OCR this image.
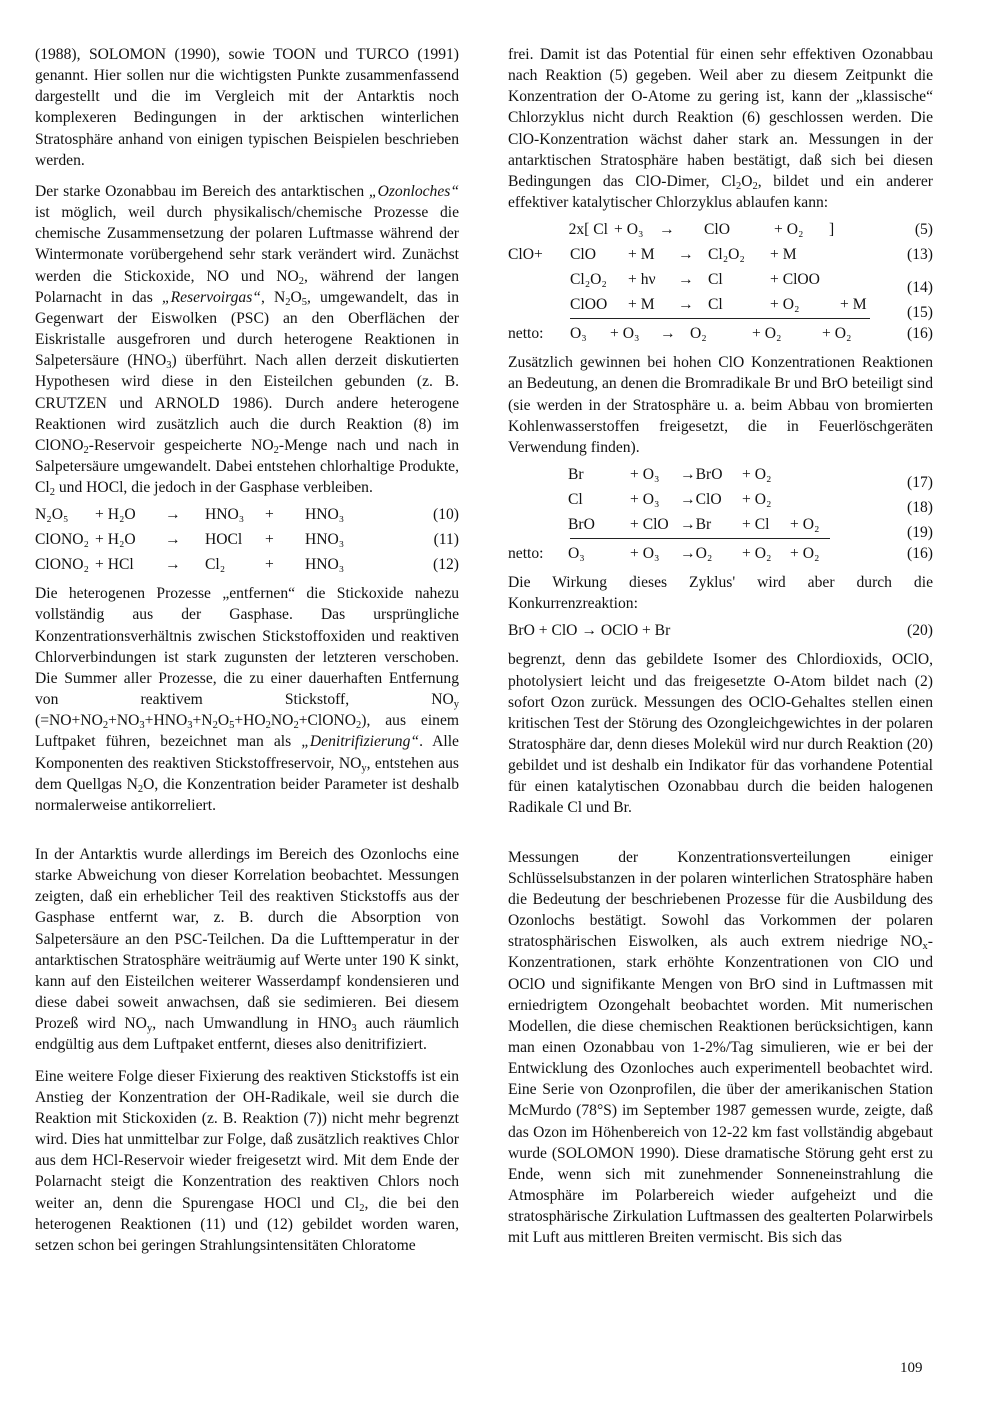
(1988), SOLOMON (1990), sowie TOON und TURCO (1991) genannt. Hier sollen nur die wichtigsten Punkte zusammenfassend dargestellt und die im Vergleich mit der Antarktis noch komplexeren Bedingungen in der arktischen winterlichen Stratosphäre anhand von einigen typischen Beispielen beschrieben werden.

Der starke Ozonabbau im Bereich des antarktischen „Ozonloches“ ist möglich, weil durch physikalisch/chemische Prozesse die chemische Zusammensetzung der polaren Luftmasse während der Wintermonate vorübergehend sehr stark verändert wird. Zunächst werden die Stickoxide, NO und $NO_2$, während der langen Polarnacht in das „Reservoirgas“, $N_2O_5$, umgewandelt, das in Gegenwart der Eiswolken (PSC) an den Oberflächen der Eiskristalle ausgefroren und durch heterogene Reaktionen in Salpetersäure $(HNO_3)$ überführt. Nach allen derzeit diskutierten Hypothesen wird diese in den Eisteilchen gebunden (z. B. CRUTZEN und ARNOLD 1986). Durch andere heterogene Reaktionen wird zusätzlich auch die durch Reaktion (8) im ClONO$_2$-Reservoir gespeicherte $NO_2$-Menge nach und nach in Salpetersäure umgewandelt. Dabei entstehen chlorhaltige Produkte, $Cl_2$ und HOCl, die jedoch in der Gasphase verbleiben.

N₂O₅	+ H₂O	→	HNO₃	+	HNO₃	(10)
ClONO₂ + H₂O	→	HOCl	+	HNO₃	(11)
ClONO₂ + HCl	→	Cl₂	+	HNO₃	(12)

Die heterogenen Prozesse „entfernen“ die Stickoxide nahezu vollständig aus der Gasphase. Das ursprüngliche Konzentrationsverhältnis zwischen Stickstoffoxiden und reaktiven Chlorverbindungen ist stark zugunsten der letzteren verschoben. Die Summer aller Prozesse, die zu einer dauerhaften Entfernung von reaktivem Stickstoff, $NO_y$ $(=NO+NO_2+NO_3+HNO_3+N_2O_5+HO_2NO_2+ClONO_2)$, aus einem Luftpaket führen, bezeichnet man als „Denitrifizierung“. Alle Komponenten des reaktiven Stickstoffreservoir, $NO_y$, entstehen aus dem Quellgas $N_2O$, die Konzentration beider Parameter ist deshalb normalerweise antikorreliert.

In der Antarktis wurde allerdings im Bereich des Ozonlochs eine starke Abweichung von dieser Korrelation beobachtet. Messungen zeigten, daß ein erheblicher Teil des reaktiven Stickstoffs aus der Gasphase entfernt war, z. B. durch die Absorption von Salpetersäure an den PSC-Teilchen. Da die Lufttemperatur in der antarktischen Stratosphäre weiträumig auf Werte unter 190 K sinkt, kann auf den Eisteilchen weiterer Wasserdampf kondensieren und diese dabei soweit anwachsen, daß sie sedimieren. Bei diesem Prozeß wird $NO_y$, nach Umwandlung in $HNO_3$ auch räumlich endgültig aus dem Luftpaket entfernt, dieses also denitrifiziert.

Eine weitere Folge dieser Fixierung des reaktiven Stickstoffs ist ein Anstieg der Konzentration der OH-Radikale, weil sie durch die Reaktion mit Stickoxiden (z. B. Reaktion (7)) nicht mehr begrenzt wird. Dies hat unmittelbar zur Folge, daß zusätzlich reaktives Chlor aus dem HCl-Reservoir wieder freigesetzt wird. Mit dem Ende der Polarnacht steigt die Konzentration des reaktiven Chlors noch weiter an, denn die Spurengase HOCl und $Cl_2$, die bei den heterogenen Reaktionen (11) und (12) gebildet worden waren, setzen schon bei geringen Strahlungsintensitäten Chloratome

frei. Damit ist das Potential für einen sehr effektiven Ozonabbau nach Reaktion (5) gegeben. Weil aber zu diesem Zeitpunkt die Konzentration der O-Atome zu gering ist, kann der „klassische“ Chlorzyklus nicht durch Reaktion (6) geschlossen werden. Die ClO-Konzentration wächst daher stark an. Messungen in der antarktischen Stratosphäre haben bestätigt, daß sich bei diesen Bedingungen das ClO-Dimer, $Cl_2O_2$, bildet und ein anderer effektiver katalytischer Chlorzyklus ablaufen kann:

2x[ Cl + O₃	→	ClO	+ O₂	]	(5)
ClO+	ClO	+ M	→ Cl₂O₂	+ M	(13)
Cl₂O₂	+ hν	→ Cl	+ ClOO	(14)
ClOO	+ M	→ Cl	+ O₂	+ M	(15)
netto:	O₃	+ O₃	→ O₂	+ O₂	+ O₂	(16)

Zusätzlich gewinnen bei hohen ClO Konzentrationen Reaktionen an Bedeutung, an denen die Bromradikale Br und BrO beteiligt sind (sie werden in der Stratosphäre u. a. beim Abbau von bromierten Kohlenwasserstoffen freigesetzt, die in Feuerlöschgeräten Verwendung finden).

Br	+ O₃	→BrO	+ O₂	(17)
Cl	+ O₃	→ClO	+ O₂	(18)
BrO	+ ClO →Br	+ Cl	+ O₂	(19)
netto:	O₃	+ O₃	→O₂	+ O₂	+ O₂	(16)

Die Wirkung dieses Zyklus' wird aber durch die Konkurrenzreaktion:

BrO + ClO → OClO + Br	(20)

begrenzt, denn das gebildete Isomer des Chlordioxids, OClO, photolysiert leicht und das freigesetzte O-Atom bildet nach (2) sofort Ozon zurück. Messungen des OClO-Gehaltes stellen einen kritischen Test der Störung des Ozongleichgewichtes in der polaren Stratosphäre dar, denn dieses Molekül wird nur durch Reaktion (20) gebildet und ist deshalb ein Indikator für das vorhandene Potential für einen katalytischen Ozonabbau durch die beiden halogenen Radikale Cl und Br.

Messungen der Konzentrationsverteilungen einiger Schlüsselsubstanzen in der polaren winterlichen Stratosphäre haben die Bedeutung der beschriebenen Prozesse für die Ausbildung des Ozonlochs bestätigt. Sowohl das Vorkommen der polaren stratosphärischen Eiswolken, als auch extrem niedrige $NO_x$-Konzentrationen, stark erhöhte Konzentrationen von ClO und OClO und signifikante Mengen von BrO sind in Luftmassen mit erniedrigtem Ozongehalt beobachtet worden. Mit numerischen Modellen, die diese chemischen Reaktionen berücksichtigen, kann man einen Ozonabbau von 1-2%/Tag simulieren, wie er bei der Entwicklung des Ozonloches auch experimentell beobachtet wird. Eine Serie von Ozonprofilen, die über der amerikanischen Station McMurdo (78°S) im September 1987 gemessen wurde, zeigte, daß das Ozon im Höhenbereich von 12-22 km fast vollständig abgebaut wurde (SOLOMON 1990). Diese dramatische Störung geht erst zu Ende, wenn sich mit zunehmender Sonneneinstrahlung die Atmosphäre im Polarbereich wieder aufgeheizt und die stratosphärische Zirkulation Luftmassen des gealterten Polarwirbels mit Luft aus mittleren Breiten vermischt. Bis sich das

109
